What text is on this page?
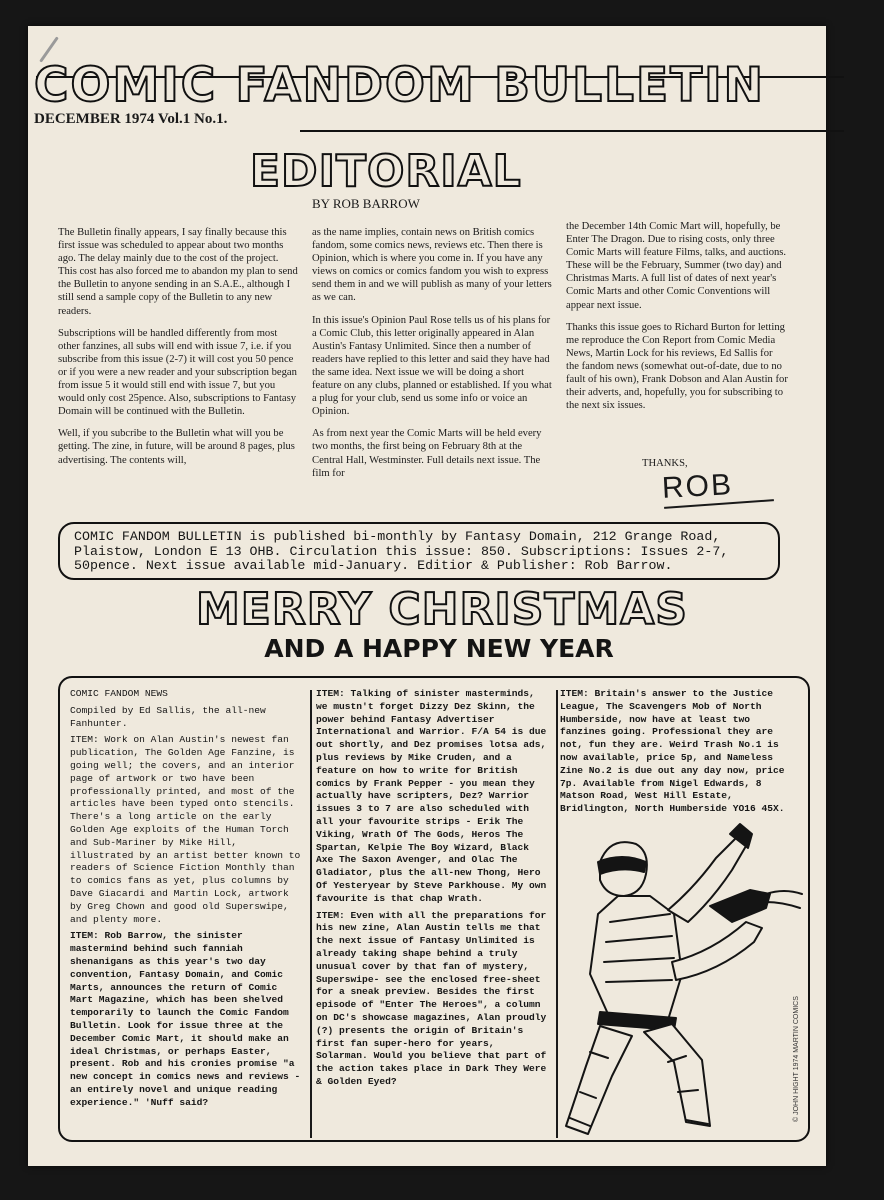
COMIC FANDOM BULLETIN
DECEMBER 1974 Vol.1 No.1.
EDITORIAL
BY ROB BARROW

The Bulletin finally appears, I say finally because this first issue was scheduled to appear about two months ago. The delay mainly due to the cost of the project. This cost has also forced me to abandon my plan to send the Bulletin to anyone sending in an S.A.E., although I still send a sample copy of the Bulletin to any new readers.

Subscriptions will be handled differently from most other fanzines, all subs will end with issue 7, i.e. if you subscribe from this issue (2-7) it will cost you 50 pence or if you were a new reader and your subscription began from issue 5 it would still end with issue 7, but you would only cost 25pence. Also, subscriptions to Fantasy Domain will be continued with the Bulletin.

Well, if you subcribe to the Bulletin what will you be getting. The zine, in future, will be around 8 pages, plus advertising. The contents will,

as the name implies, contain news on British comics fandom, some comics news, reviews etc. Then there is Opinion, which is where you come in. If you have any views on comics or comics fandom you wish to express send them in and we will publish as many of your letters as we can.

In this issue's Opinion Paul Rose tells us of his plans for a Comic Club, this letter originally appeared in Alan Austin's Fantasy Unlimited. Since then a number of readers have replied to this letter and said they have had the same idea. Next issue we will be doing a short feature on any clubs, planned or established. If you what a plug for your club, send us some info or voice an Opinion.

As from next year the Comic Marts will be held every two months, the first being on February 8th at the Central Hall, Westminster. Full details next issue. The film for

the December 14th Comic Mart will, hopefully, be Enter The Dragon. Due to rising costs, only three Comic Marts will feature Films, talks, and auctions. These will be the February, Summer (two day) and Christmas Marts. A full list of dates of next year's Comic Marts and other Comic Conventions will appear next issue.

Thanks this issue goes to Richard Burton for letting me reproduce the Con Report from Comic Media News, Martin Lock for his reviews, Ed Sallis for the fandom news (somewhat out-of-date, due to no fault of his own), Frank Dobson and Alan Austin for their adverts, and, hopefully, you for subscribing to the next six issues.

THANKS,
ROB
COMIC FANDOM BULLETIN is published bi-monthly by Fantasy Domain, 212 Grange Road, Plaistow, London E 13 OHB. Circulation this issue: 850. Subscriptions: Issues 2-7, 50pence. Next issue available mid-January. Editior & Publisher: Rob Barrow.
MERRY CHRISTMAS
AND A HAPPY NEW YEAR

COMIC FANDOM NEWS

Compiled by Ed Sallis, the all-new Fanhunter.

ITEM: Work on Alan Austin's newest fan publication, The Golden Age Fanzine, is going well; the covers, and an interior page of artwork or two have been professionally printed, and most of the articles have been typed onto stencils. There's a long article on the early Golden Age exploits of the Human Torch and Sub-Mariner by Mike Hill, illustrated by an artist better known to readers of Science Fiction Monthly than to comics fans as yet, plus columns by Dave Giacardi and Martin Lock, artwork by Greg Chown and good old Superswipe, and plenty more.

ITEM: Rob Barrow, the sinister mastermind behind such fanniah shenanigans as this year's two day convention, Fantasy Domain, and Comic Marts, announces the return of Comic Mart Magazine, which has been shelved temporarily to launch the Comic Fandom Bulletin. Look for issue three at the December Comic Mart, it should make an ideal Christmas, or perhaps Easter, present. Rob and his cronies promise "a new concept in comics news and reviews - an entirely novel and unique reading experience." 'Nuff said?

ITEM: Talking of sinister masterminds, we mustn't forget Dizzy Dez Skinn, the power behind Fantasy Advertiser International and Warrior. F/A 54 is due out shortly, and Dez promises lotsa ads, plus reviews by Mike Cruden, and a feature on how to write for British comics by Frank Pepper - you mean they actually have scripters, Dez? Warrior issues 3 to 7 are also scheduled with all your favourite strips - Erik The Viking, Wrath Of The Gods, Heros The Spartan, Kelpie The Boy Wizard, Black Axe The Saxon Avenger, and Olac The Gladiator, plus the all-new Thong, Hero Of Yesteryear by Steve Parkhouse. My own favourite is that chap Wrath.

ITEM: Even with all the preparations for his new zine, Alan Austin tells me that the next issue of Fantasy Unlimited is already taking shape behind a truly unusual cover by that fan of mystery, Superswipe- see the enclosed free-sheet for a sneak preview. Besides the first episode of "Enter The Heroes", a column on DC's showcase magazines, Alan proudly (?) presents the origin of Britain's first fan super-hero for years, Solarman. Would you believe that part of the action takes place in Dark They Were & Golden Eyed?

ITEM: Britain's answer to the Justice League, The Scavengers Mob of North Humberside, now have at least two fanzines going. Professional they are not, fun they are. Weird Trash No.1 is now available, price 5p, and Nameless Zine No.2 is due out any day now, price 7p. Available from Nigel Edwards, 8 Matson Road, West Hill Estate, Bridlington, North Humberside YO16 45X.

© JOHN HIGHT 1974 MARTIN COMICS
